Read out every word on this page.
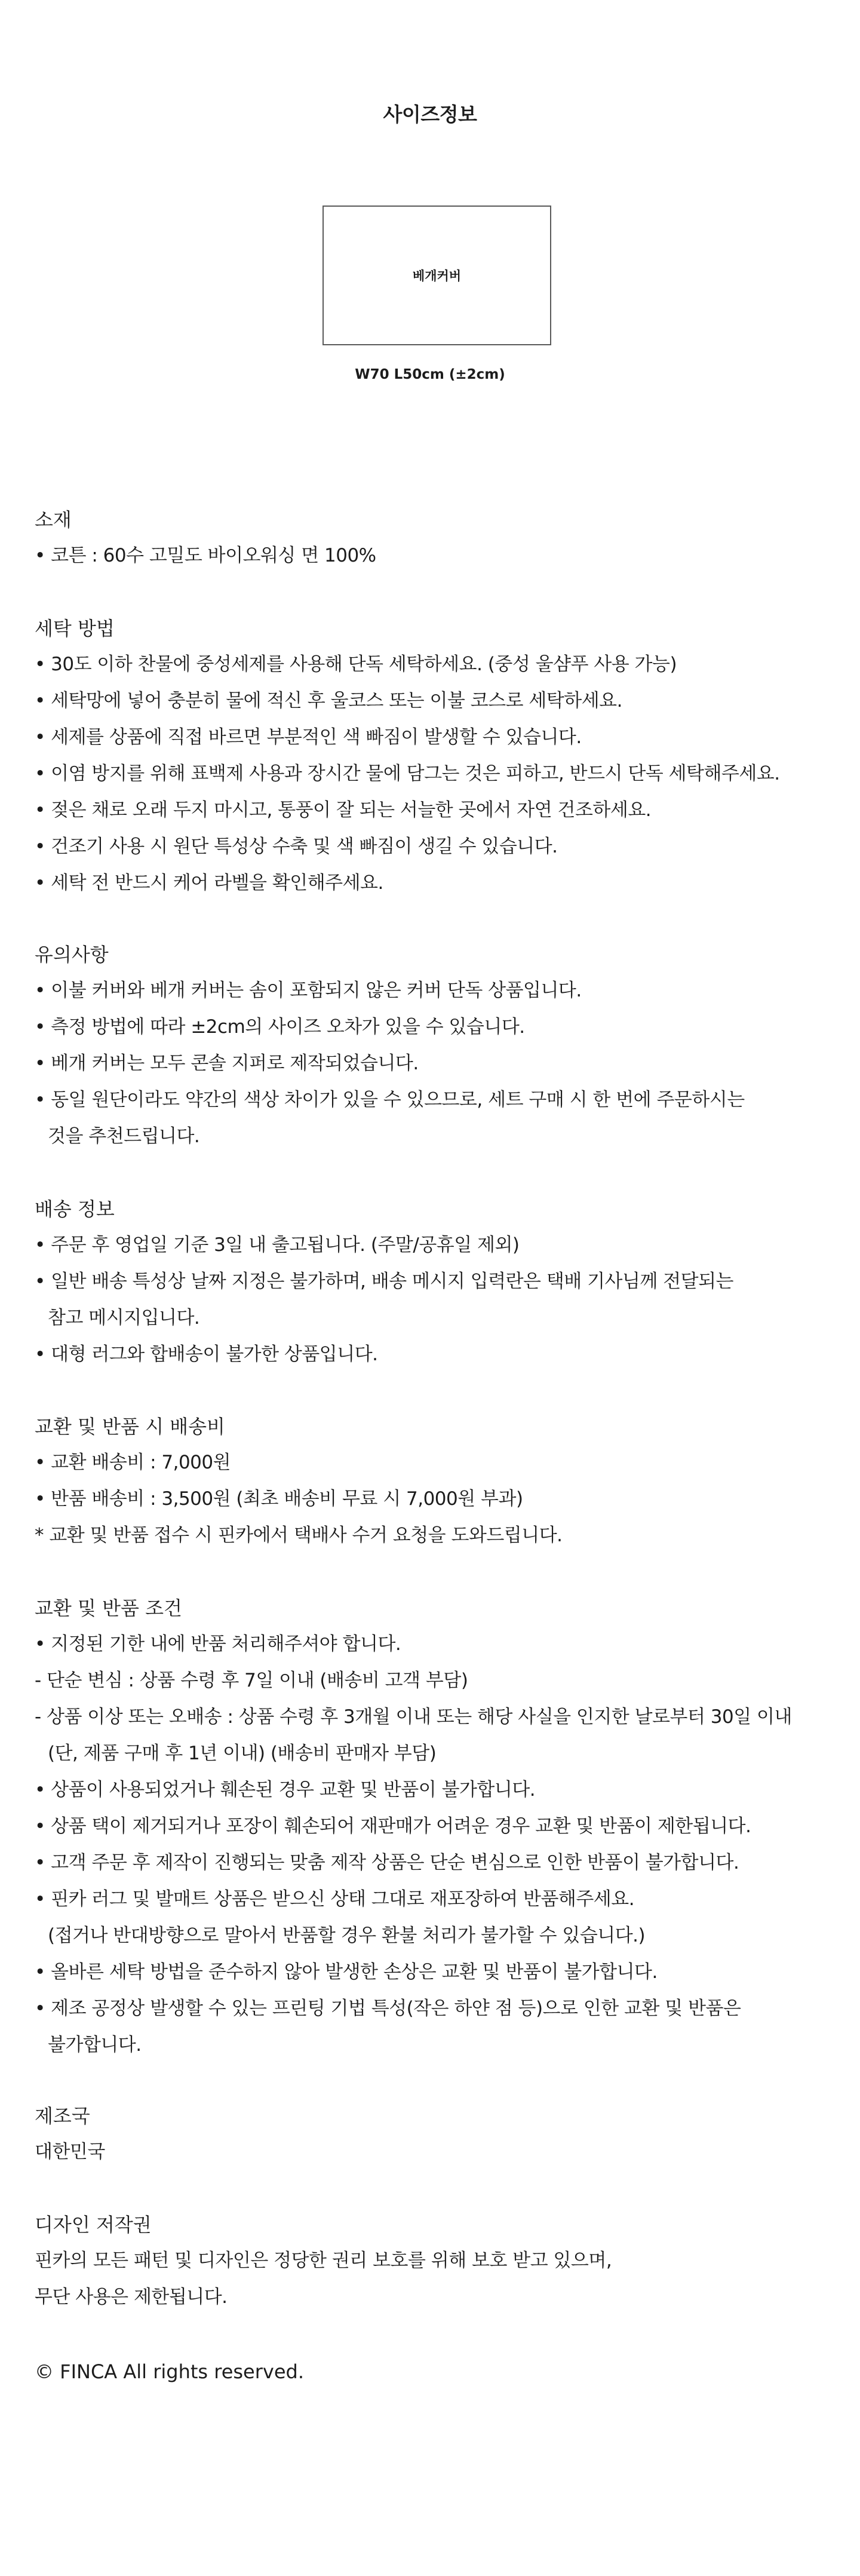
사이즈정보
베개커버
W70 L50cm (±2cm)
소재
• 코튼 : 60수 고밀도 바이오워싱 면 100%
세탁 방법
• 30도 이하 찬물에 중성세제를 사용해 단독 세탁하세요. (중성 울샴푸 사용 가능)
• 세탁망에 넣어 충분히 물에 적신 후 울코스 또는 이불 코스로 세탁하세요.
• 세제를 상품에 직접 바르면 부분적인 색 빠짐이 발생할 수 있습니다.
• 이염 방지를 위해 표백제 사용과 장시간 물에 담그는 것은 피하고, 반드시 단독 세탁해주세요.
• 젖은 채로 오래 두지 마시고, 통풍이 잘 되는 서늘한 곳에서 자연 건조하세요.
• 건조기 사용 시 원단 특성상 수축 및 색 빠짐이 생길 수 있습니다.
• 세탁 전 반드시 케어 라벨을 확인해주세요.
유의사항
• 이불 커버와 베개 커버는 솜이 포함되지 않은 커버 단독 상품입니다.
• 측정 방법에 따라 ±2cm의 사이즈 오차가 있을 수 있습니다.
• 베개 커버는 모두 콘솔 지퍼로 제작되었습니다.
• 동일 원단이라도 약간의 색상 차이가 있을 수 있으므로, 세트 구매 시 한 번에 주문하시는
것을 추천드립니다.
배송 정보
• 주문 후 영업일 기준 3일 내 출고됩니다. (주말/공휴일 제외)
• 일반 배송 특성상 날짜 지정은 불가하며, 배송 메시지 입력란은 택배 기사님께 전달되는
참고 메시지입니다.
• 대형 러그와 합배송이 불가한 상품입니다.
교환 및 반품 시 배송비
• 교환 배송비 : 7,000원
• 반품 배송비 : 3,500원 (최초 배송비 무료 시 7,000원 부과)
* 교환 및 반품 접수 시 핀카에서 택배사 수거 요청을 도와드립니다.
교환 및 반품 조건
• 지정된 기한 내에 반품 처리해주셔야 합니다.
- 단순 변심 : 상품 수령 후 7일 이내 (배송비 고객 부담)
- 상품 이상 또는 오배송 : 상품 수령 후 3개월 이내 또는 해당 사실을 인지한 날로부터 30일 이내
(단, 제품 구매 후 1년 이내) (배송비 판매자 부담)
• 상품이 사용되었거나 훼손된 경우 교환 및 반품이 불가합니다.
• 상품 택이 제거되거나 포장이 훼손되어 재판매가 어려운 경우 교환 및 반품이 제한됩니다.
• 고객 주문 후 제작이 진행되는 맞춤 제작 상품은 단순 변심으로 인한 반품이 불가합니다.
• 핀카 러그 및 발매트 상품은 받으신 상태 그대로 재포장하여 반품해주세요.
(접거나 반대방향으로 말아서 반품할 경우 환불 처리가 불가할 수 있습니다.)
• 올바른 세탁 방법을 준수하지 않아 발생한 손상은 교환 및 반품이 불가합니다.
• 제조 공정상 발생할 수 있는 프린팅 기법 특성(작은 하얀 점 등)으로 인한 교환 및 반품은
불가합니다.
제조국
대한민국
디자인 저작권
핀카의 모든 패턴 및 디자인은 정당한 권리 보호를 위해 보호 받고 있으며,
무단 사용은 제한됩니다.
© FINCA All rights reserved.
